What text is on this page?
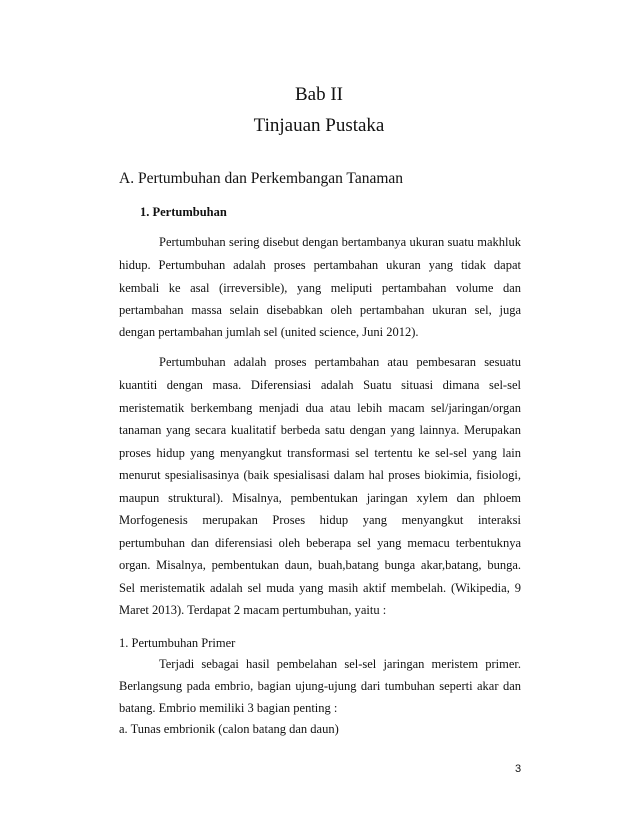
Bab II
Tinjauan Pustaka
A. Pertumbuhan dan Perkembangan Tanaman
1. Pertumbuhan
Pertumbuhan sering disebut dengan bertambanya ukuran suatu makhluk
hidup. Pertumbuhan adalah proses pertambahan ukuran yang tidak dapat
kembali ke asal (irreversible), yang meliputi pertambahan volume dan
pertambahan massa selain disebabkan oleh pertambahan ukuran sel, juga
dengan pertambahan jumlah sel (united science, Juni 2012).
Pertumbuhan adalah proses pertambahan atau pembesaran sesuatu
kuantiti dengan masa. Diferensiasi adalah Suatu situasi dimana sel-sel
meristematik berkembang menjadi dua atau lebih macam sel/jaringan/organ
tanaman yang secara kualitatif berbeda satu dengan yang lainnya. Merupakan
proses hidup yang menyangkut transformasi sel tertentu ke sel-sel yang lain
menurut spesialisasinya (baik spesialisasi dalam hal proses biokimia, fisiologi,
maupun struktural). Misalnya, pembentukan jaringan xylem dan phloem
Morfogenesis merupakan Proses hidup yang menyangkut interaksi
pertumbuhan dan diferensiasi oleh beberapa sel yang memacu terbentuknya
organ. Misalnya, pembentukan daun, buah,batang bunga akar,batang, bunga.
Sel meristematik adalah sel muda yang masih aktif membelah. (Wikipedia, 9
Maret 2013). Terdapat 2 macam pertumbuhan, yaitu :
1. Pertumbuhan Primer
Terjadi sebagai hasil pembelahan sel-sel jaringan meristem primer.
Berlangsung pada embrio, bagian ujung-ujung dari tumbuhan seperti akar dan
batang. Embrio memiliki 3 bagian penting :
a. Tunas embrionik (calon batang dan daun)
3
